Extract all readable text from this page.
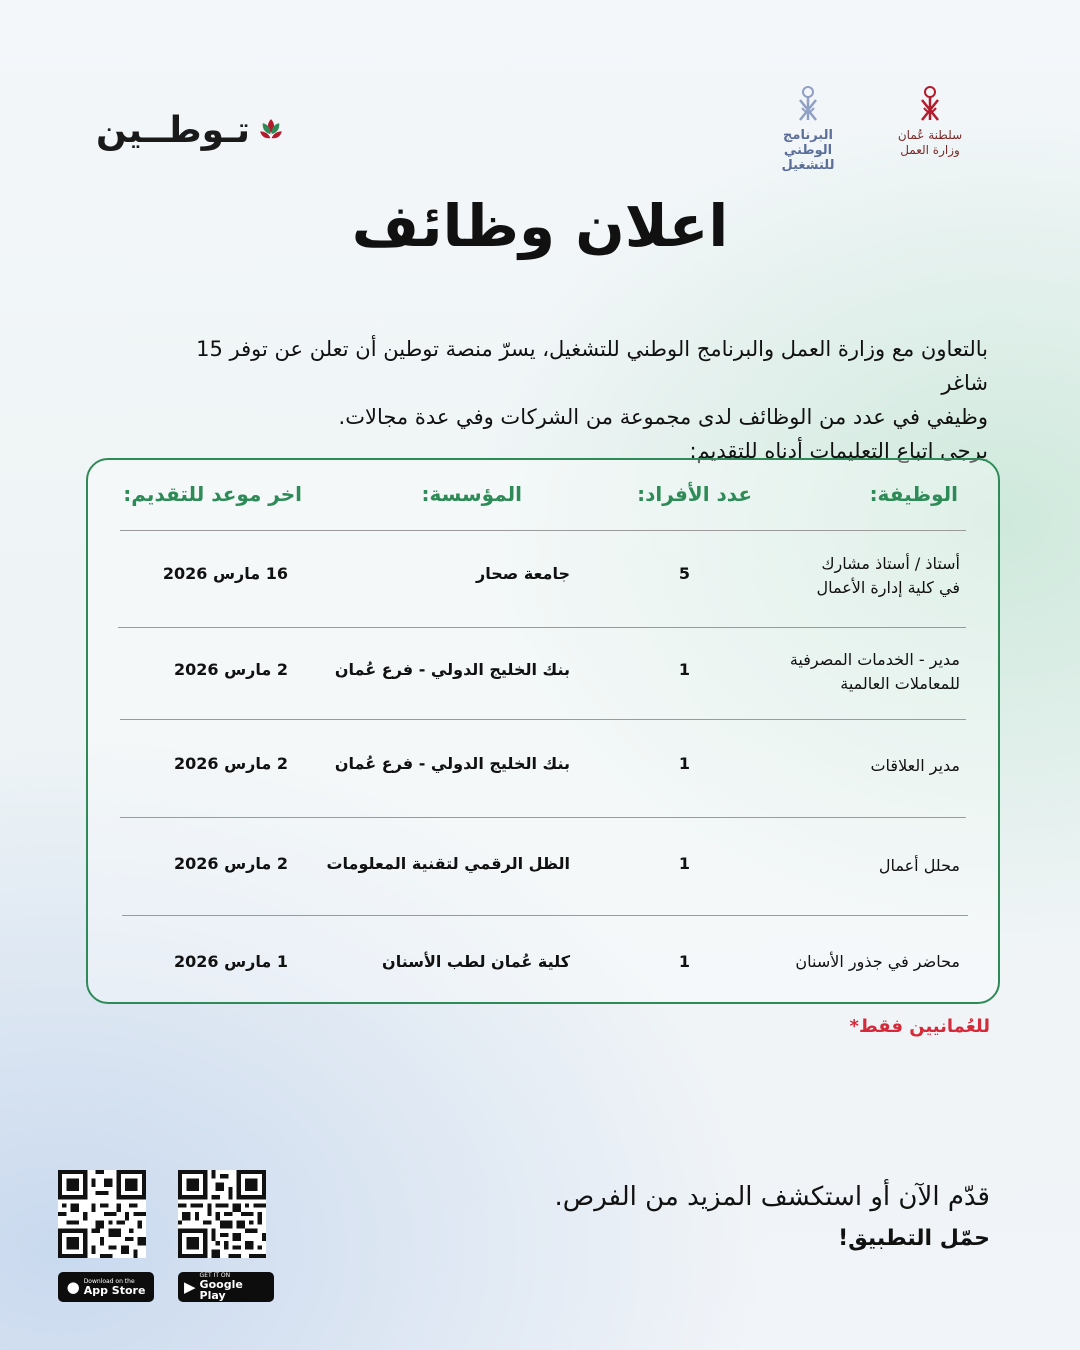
تـوطــين	البرنامج الوطني
للتشغيل
سلطنة عُمان
وزارة العمل
اعلان وظائف

بالتعاون مع وزارة العمل والبرنامج الوطني للتشغيل، يسرّ منصة توطين أن تعلن عن توفر 15 شاغر

وظيفي في عدد من الوظائف لدى مجموعة من الشركات وفي عدة مجالات.

يرجى اتباع التعليمات أدناه للتقديم:

الوظيفة:
عدد الأفراد:
المؤسسة:
اخر موعد للتقديم:
أستاذ / أستاذ مشارك
في كلية إدارة الأعمال
5
جامعة صحار
16 مارس 2026
مدير - الخدمات المصرفية
للمعاملات العالمية
1
بنك الخليج الدولي - فرع عُمان
2 مارس 2026
مدير العلاقات
1
بنك الخليج الدولي - فرع عُمان
2 مارس 2026
محلل أعمال
1
الظل الرقمي لتقنية المعلومات
2 مارس 2026
محاضر في جذور الأسنان
1
كلية عُمان لطب الأسنان
1 مارس 2026
للعُمانيين فقط*
قدّم الآن أو استكشف المزيد من الفرص.
حمّل التطبيق!
▶
GET IT ON
Google Play
● Download on the
App Store
